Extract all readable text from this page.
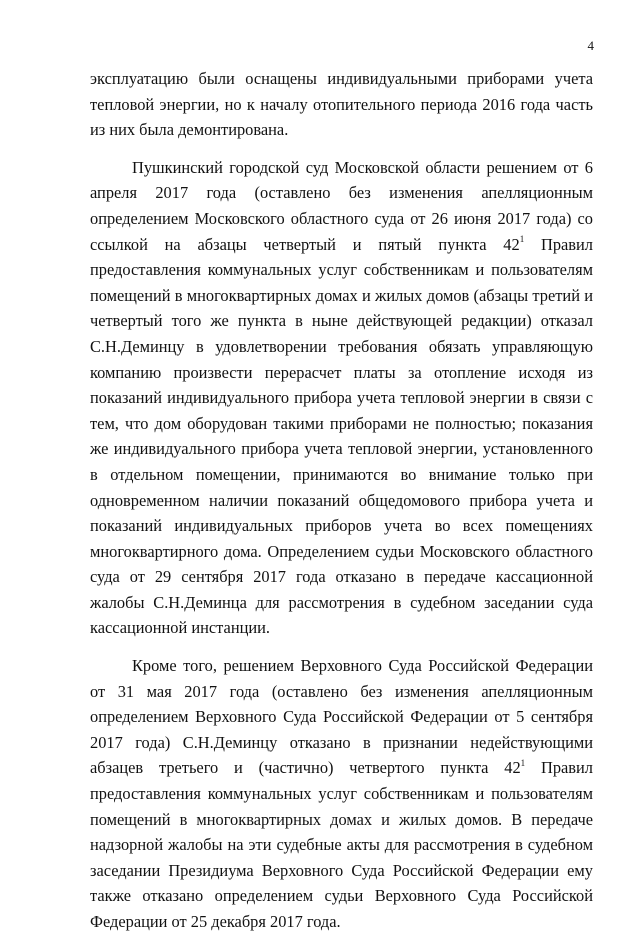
4

эксплуатацию были оснащены индивидуальными приборами учета тепловой энергии, но к началу отопительного периода 2016 года часть из них была демонтирована.

Пушкинский городской суд Московской области решением от 6 апреля 2017 года (оставлено без изменения апелляционным определением Московского областного суда от 26 июня 2017 года) со ссылкой на абзацы четвертый и пятый пункта $42^1$ Правил предоставления коммунальных услуг собственникам и пользователям помещений в многоквартирных домах и жилых домов (абзацы третий и четвертый того же пункта в ныне действующей редакции) отказал С.Н.Деминцу в удовлетворении требования обязать управляющую компанию произвести перерасчет платы за отопление исходя из показаний индивидуального прибора учета тепловой энергии в связи с тем, что дом оборудован такими приборами не полностью; показания же индивидуального прибора учета тепловой энергии, установленного в отдельном помещении, принимаются во внимание только при одновременном наличии показаний общедомового прибора учета и показаний индивидуальных приборов учета во всех помещениях многоквартирного дома. Определением судьи Московского областного суда от 29 сентября 2017 года отказано в передаче кассационной жалобы С.Н.Деминца для рассмотрения в судебном заседании суда кассационной инстанции.

Кроме того, решением Верховного Суда Российской Федерации от 31 мая 2017 года (оставлено без изменения апелляционным определением Верховного Суда Российской Федерации от 5 сентября 2017 года) С.Н.Деминцу отказано в признании недействующими абзацев третьего и (частично) четвертого пункта $42^1$ Правил предоставления коммунальных услуг собственникам и пользователям помещений в многоквартирных домах и жилых домов. В передаче надзорной жалобы на эти судебные акты для рассмотрения в судебном заседании Президиума Верховного Суда Российской Федерации ему также отказано определением судьи Верховного Суда Российской Федерации от 25 декабря 2017 года.
